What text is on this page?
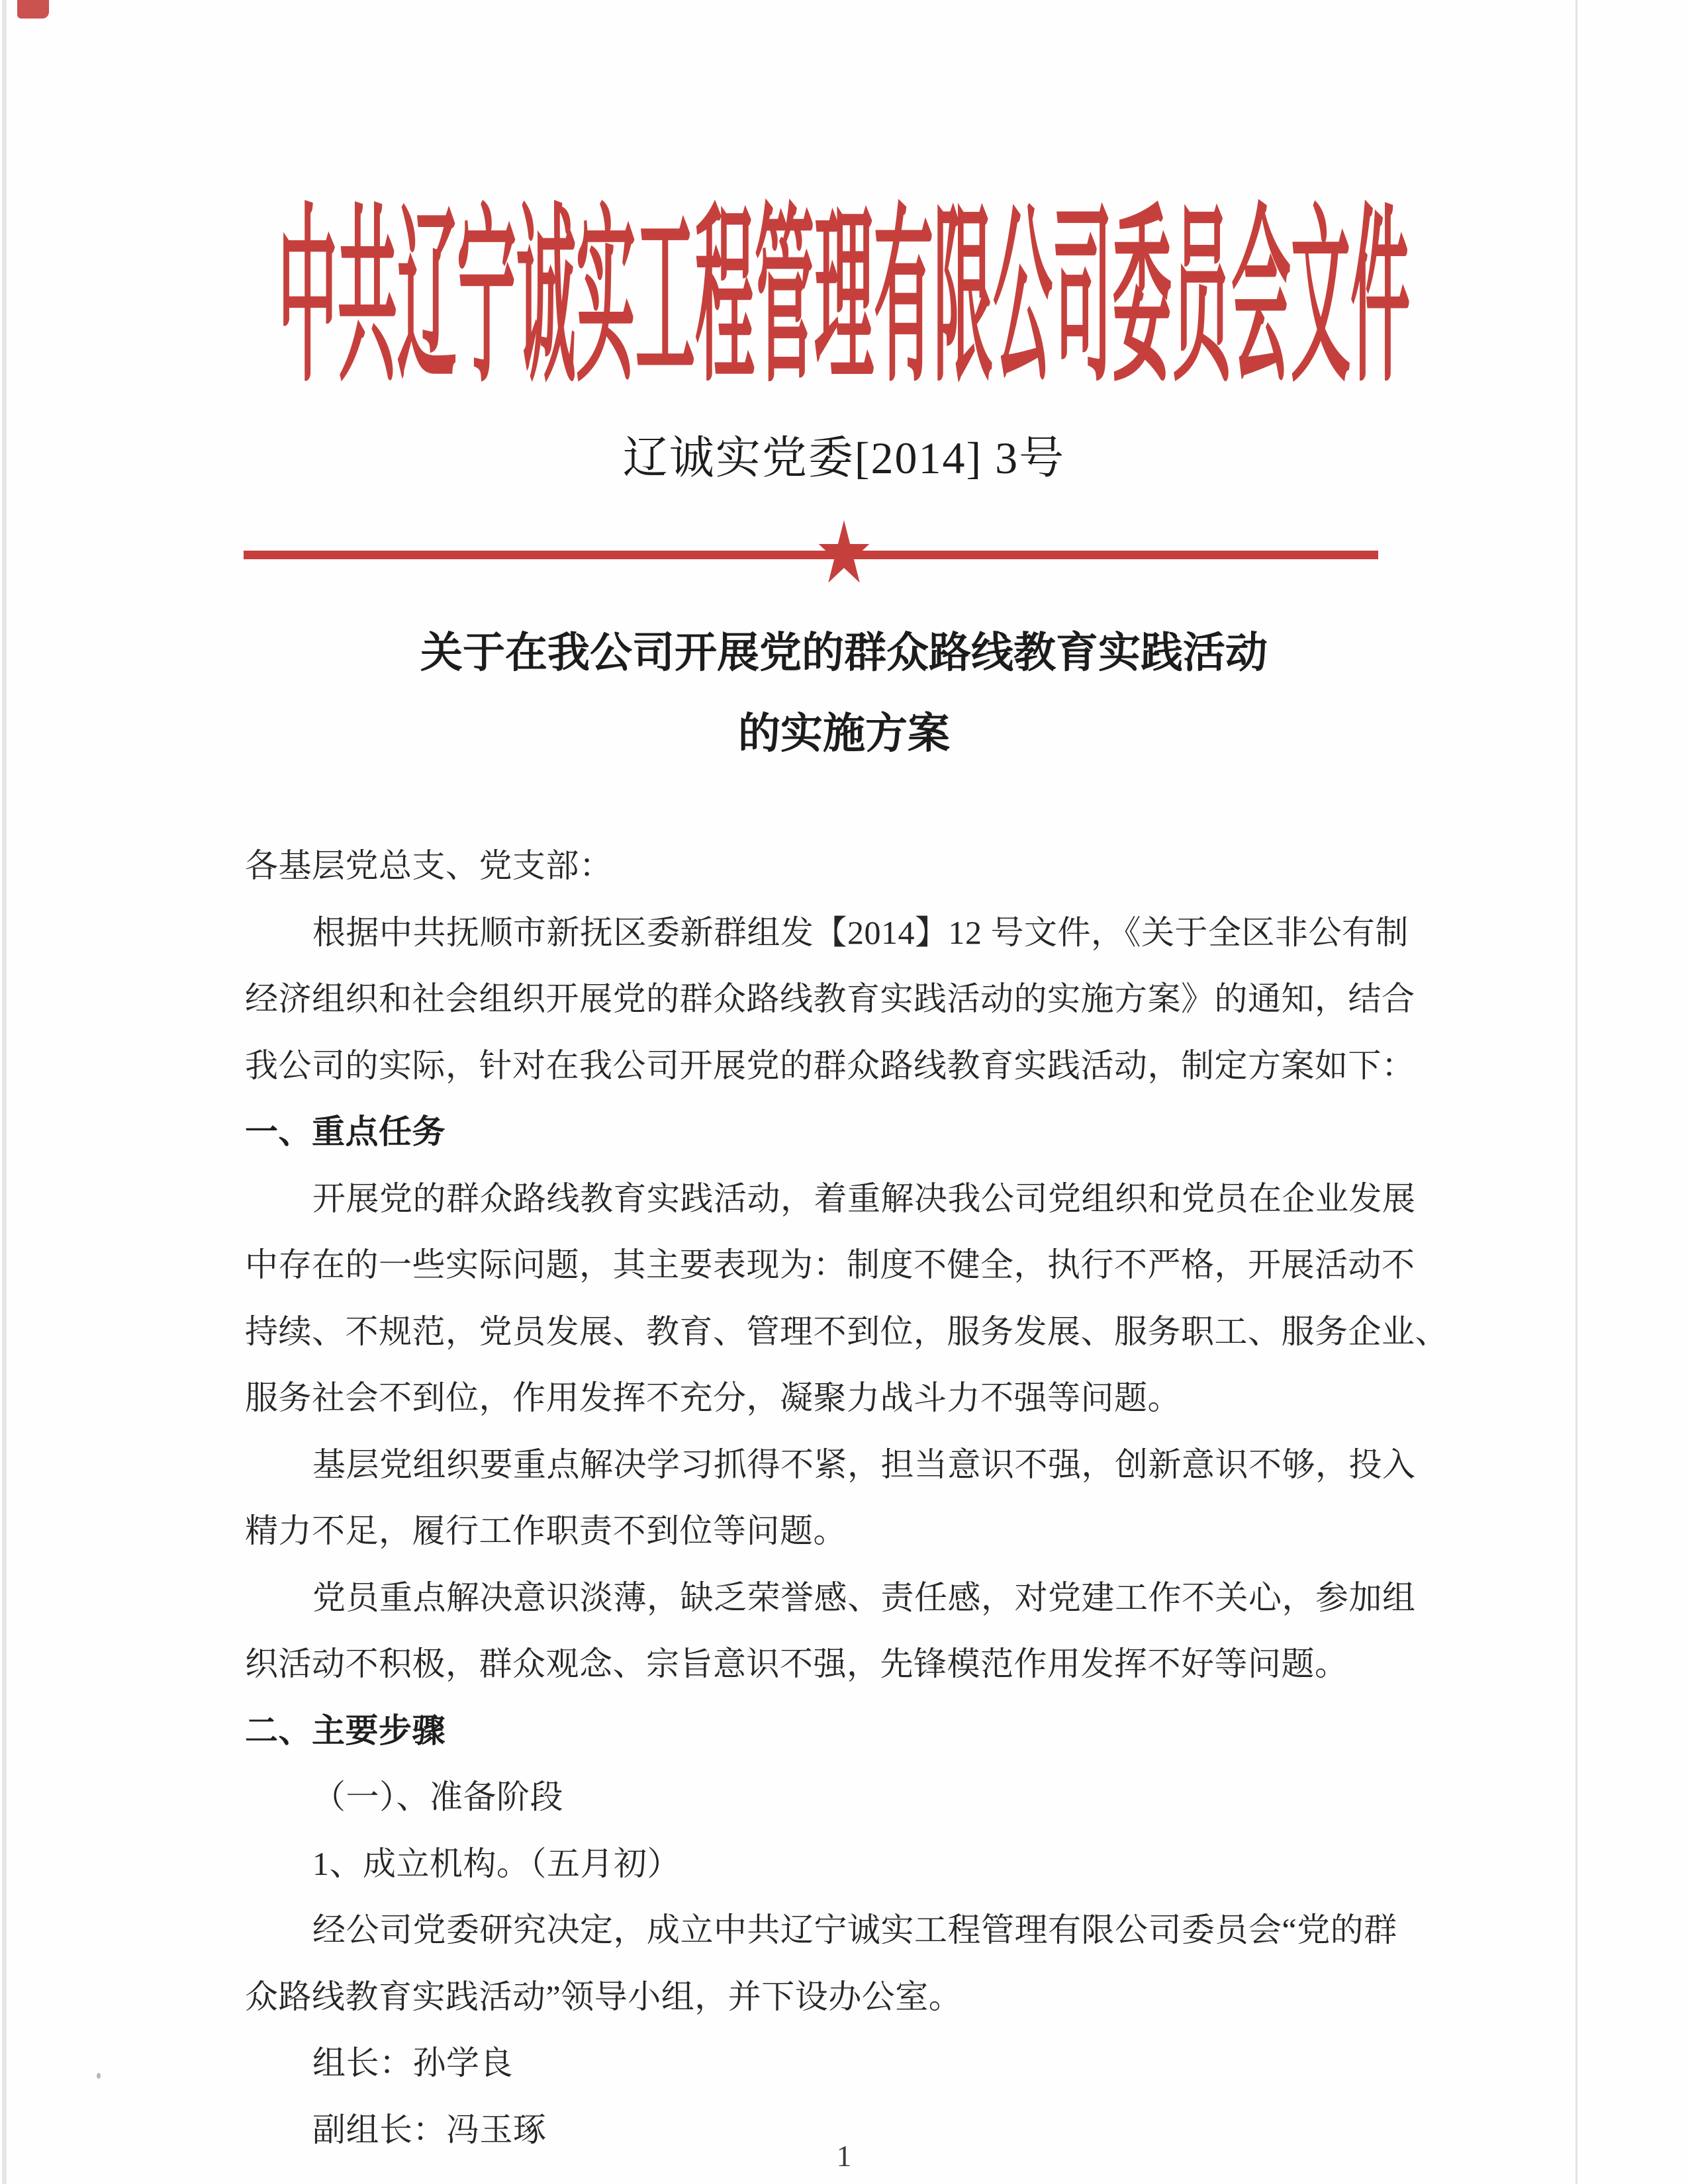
中共辽宁诚实工程管理有限公司委员会文件
辽诚实党委[2014] 3号
★
关于在我公司开展党的群众路线教育实践活动
的实施方案
各基层党总支、党支部：
根据中共抚顺市新抚区委新群组发【2014】12 号文件，《关于全区非公有制
经济组织和社会组织开展党的群众路线教育实践活动的实施方案》的通知，结合
我公司的实际，针对在我公司开展党的群众路线教育实践活动，制定方案如下：
一、重点任务
开展党的群众路线教育实践活动，着重解决我公司党组织和党员在企业发展
中存在的一些实际问题，其主要表现为：制度不健全，执行不严格，开展活动不
持续、不规范，党员发展、教育、管理不到位，服务发展、服务职工、服务企业、
服务社会不到位，作用发挥不充分，凝聚力战斗力不强等问题。
基层党组织要重点解决学习抓得不紧，担当意识不强，创新意识不够，投入
精力不足，履行工作职责不到位等问题。
党员重点解决意识淡薄，缺乏荣誉感、责任感，对党建工作不关心，参加组
织活动不积极，群众观念、宗旨意识不强，先锋模范作用发挥不好等问题。
二、主要步骤
（一）、准备阶段
1、成立机构。（五月初）
经公司党委研究决定，成立中共辽宁诚实工程管理有限公司委员会“党的群
众路线教育实践活动”领导小组，并下设办公室。
组长：孙学良
副组长：冯玉琢
1
